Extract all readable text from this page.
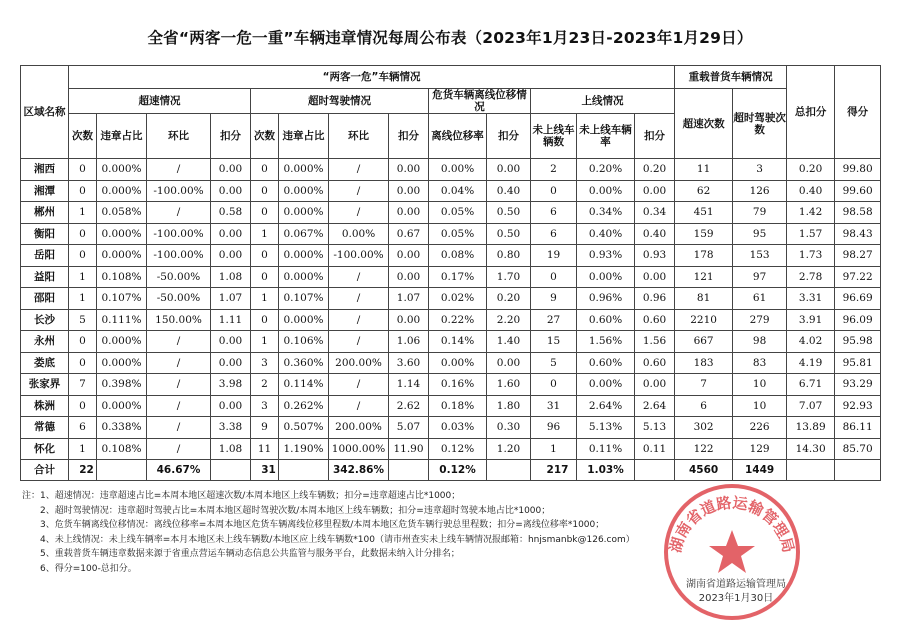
全省“两客一危一重”车辆违章情况每周公布表（2023年1月23日-2023年1月29日）
区域名称	“两客一危”车辆情况													重载普货车辆情况		总扣分	得分
	超速情况				超时驾驶情况				危货车辆离线位移情况		上线情况			超速次数	超时驾驶次数		
	次数	违章占比	环比	扣分	次数	违章占比	环比	扣分	离线位移率	扣分	未上线车辆数	未上线车辆率	扣分				
湘西	0	0.000%	/	0.00	0	0.000%	/	0.00	0.00%	0.00	2	0.20%	0.20	11	3	0.20	99.80
湘潭	0	0.000%	-100.00%	0.00	0	0.000%	/	0.00	0.04%	0.40	0	0.00%	0.00	62	126	0.40	99.60
郴州	1	0.058%	/	0.58	0	0.000%	/	0.00	0.05%	0.50	6	0.34%	0.34	451	79	1.42	98.58
衡阳	0	0.000%	-100.00%	0.00	1	0.067%	0.00%	0.67	0.05%	0.50	6	0.40%	0.40	159	95	1.57	98.43
岳阳	0	0.000%	-100.00%	0.00	0	0.000%	-100.00%	0.00	0.08%	0.80	19	0.93%	0.93	178	153	1.73	98.27
益阳	1	0.108%	-50.00%	1.08	0	0.000%	/	0.00	0.17%	1.70	0	0.00%	0.00	121	97	2.78	97.22
邵阳	1	0.107%	-50.00%	1.07	1	0.107%	/	1.07	0.02%	0.20	9	0.96%	0.96	81	61	3.31	96.69
长沙	5	0.111%	150.00%	1.11	0	0.000%	/	0.00	0.22%	2.20	27	0.60%	0.60	2210	279	3.91	96.09
永州	0	0.000%	/	0.00	1	0.106%	/	1.06	0.14%	1.40	15	1.56%	1.56	667	98	4.02	95.98
娄底	0	0.000%	/	0.00	3	0.360%	200.00%	3.60	0.00%	0.00	5	0.60%	0.60	183	83	4.19	95.81
张家界	7	0.398%	/	3.98	2	0.114%	/	1.14	0.16%	1.60	0	0.00%	0.00	7	10	6.71	93.29
株洲	0	0.000%	/	0.00	3	0.262%	/	2.62	0.18%	1.80	31	2.64%	2.64	6	10	7.07	92.93
常德	6	0.338%	/	3.38	9	0.507%	200.00%	5.07	0.03%	0.30	96	5.13%	5.13	302	226	13.89	86.11
怀化	1	0.108%	/	1.08	11	1.190%	1000.00%	11.90	0.12%	1.20	1	0.11%	0.11	122	129	14.30	85.70
合计	22		46.67%		31		342.86%		0.12%		217	1.03%		4560	1449		
注：1、超速情况：违章超速占比=本周本地区超速次数/本周本地区上线车辆数；扣分=违章超速占比*1000；
　　2、超时驾驶情况：违章超时驾驶占比=本周本地区超时驾驶次数/本周本地区上线车辆数；扣分=违章超时驾驶本地占比*1000；
　　3、危货车辆离线位移情况：离线位移率=本周本地区危货车辆离线位移里程数/本周本地区危货车辆行驶总里程数；扣分=离线位移率*1000；
　　4、未上线情况：未上线车辆率=本月本地区未上线车辆数/本地区应上线车辆数*100（请市州查实未上线车辆情况报邮箱：hnjsmanbk@126.com）
　　5、重载普货车辆违章数据来源于省重点营运车辆动态信息公共监管与服务平台，此数据未纳入计分排名；
　　6、得分=100-总扣分。
湖南省道路运输管理局
湖南省道路运输管理局
2023年1月30日
